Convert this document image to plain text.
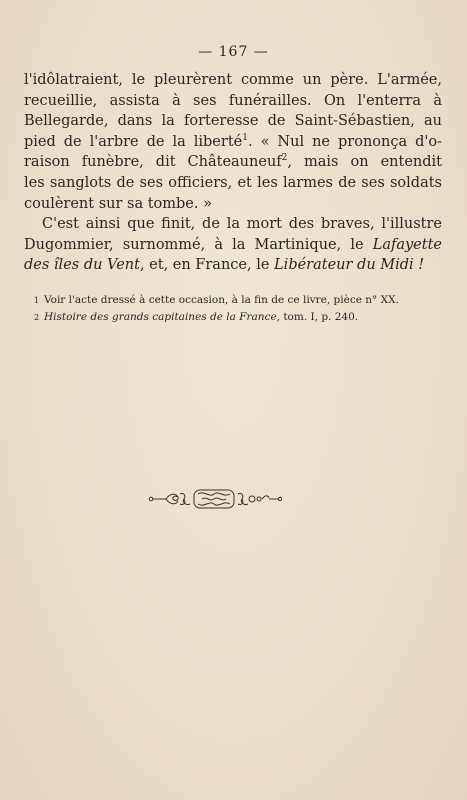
— 167 —

l'idôlatraient, le pleurèrent comme un père. L'armée,
recueillie, assista à ses funérailles. On l'enterra à
Bellegarde, dans la forteresse de Saint-Sébastien, au
pied de l'arbre de la liberté$^1$. « Nul ne prononça d'o-
raison funèbre, dit Châteauneuf$^2$, mais on entendit
les sanglots de ses officiers, et les larmes de ses soldats
coulèrent sur sa tombe. »

C'est ainsi que finit, de la mort des braves, l'illustre

Dugommier, surnommé, à la Martinique, le Lafayette
des îles du Vent, et, en France, le Libérateur du Midi !

1 Voir l'acte dressé à cette occasion, à la fin de ce livre, pièce n° XX.
2 Histoire des grands capitaines de la France, tom. I, p. 240.
